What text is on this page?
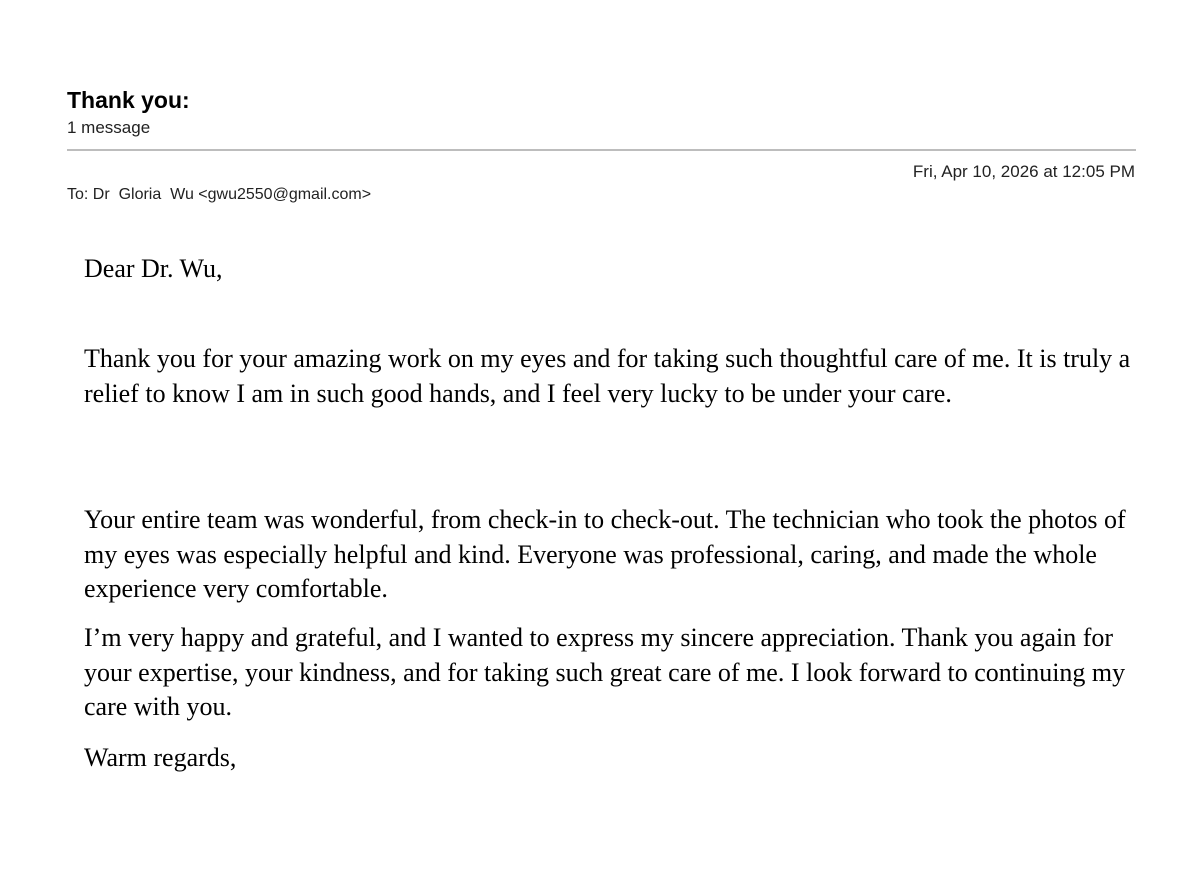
Thank you:
1 message
Fri, Apr 10, 2026 at 12:05 PM
To: Dr  Gloria  Wu <gwu2550@gmail.com>

Dear Dr. Wu,

Thank you for your amazing work on my eyes and for taking such thoughtful care of me. It is truly a relief to know I am in such good hands, and I feel very lucky to be under your care.

Your entire team was wonderful, from check-in to check-out. The technician who took the photos of my eyes was especially helpful and kind. Everyone was professional, caring, and made the whole experience very comfortable.

I’m very happy and grateful, and I wanted to express my sincere appreciation. Thank you again for your expertise, your kindness, and for taking such great care of me. I look forward to continuing my care with you.

Warm regards,
